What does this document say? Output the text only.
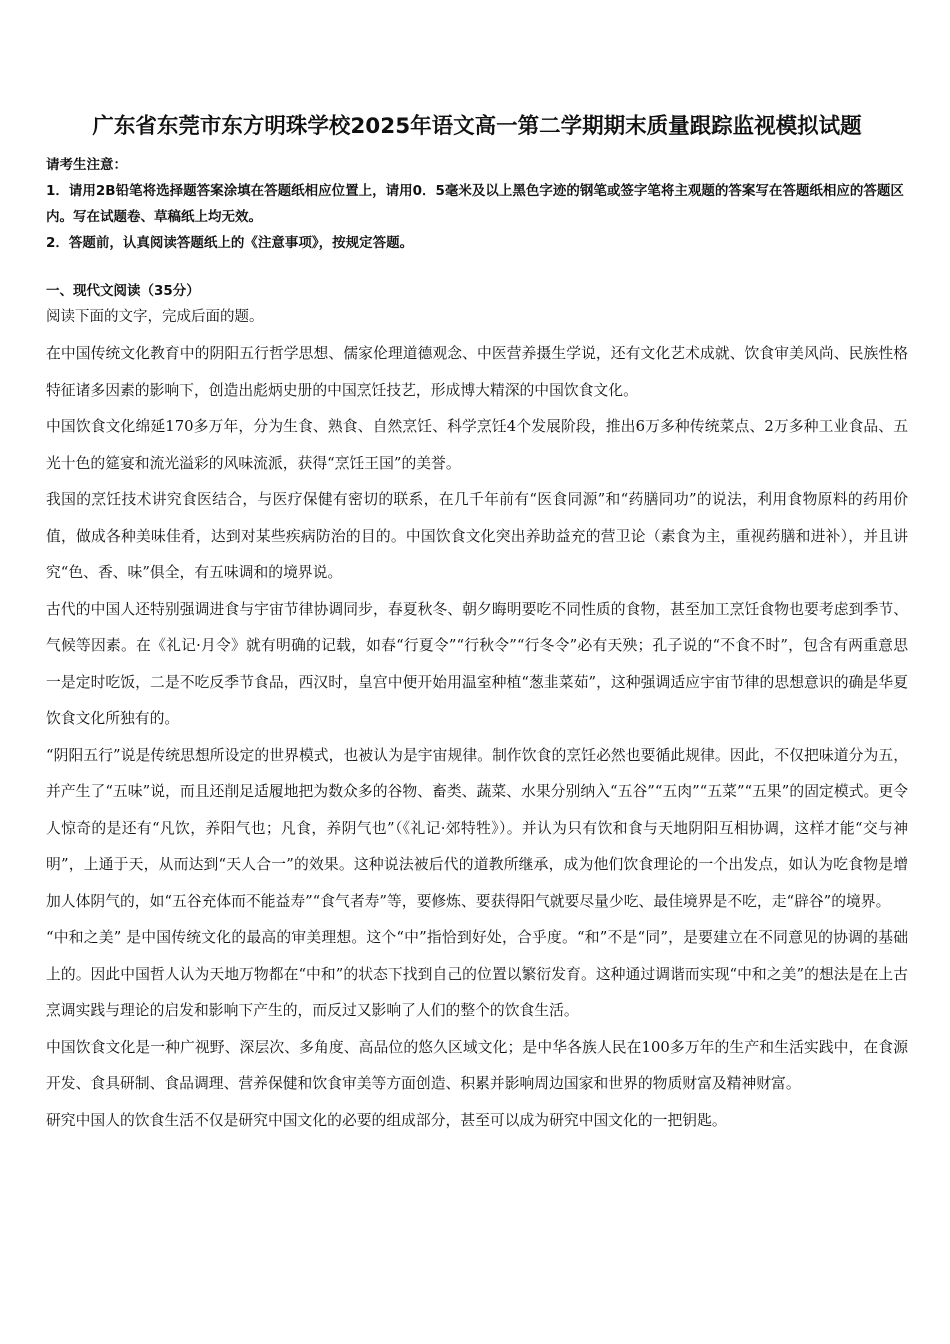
广东省东莞市东方明珠学校2025年语文高一第二学期期末质量跟踪监视模拟试题

请考生注意：

1．请用2B铅笔将选择题答案涂填在答题纸相应位置上，请用0．5毫米及以上黑色字迹的钢笔或签字笔将主观题的答案写在答题纸相应的答题区内。写在试题卷、草稿纸上均无效。

2．答题前，认真阅读答题纸上的《注意事项》，按规定答题。

一、现代文阅读（35分）

阅读下面的文字，完成后面的题。

在中国传统文化教育中的阴阳五行哲学思想、儒家伦理道德观念、中医营养摄生学说，还有文化艺术成就、饮食审美风尚、民族性格特征诸多因素的影响下，创造出彪炳史册的中国烹饪技艺，形成博大精深的中国饮食文化。

中国饮食文化绵延170多万年，分为生食、熟食、自然烹饪、科学烹饪4个发展阶段，推出6万多种传统菜点、2万多种工业食品、五光十色的筵宴和流光溢彩的风味流派，获得“烹饪王国”的美誉。

我国的烹饪技术讲究食医结合，与医疗保健有密切的联系，在几千年前有“医食同源”和“药膳同功”的说法，利用食物原料的药用价值，做成各种美味佳肴，达到对某些疾病防治的目的。中国饮食文化突出养助益充的营卫论（素食为主，重视药膳和进补），并且讲究“色、香、味”俱全，有五味调和的境界说。

古代的中国人还特别强调进食与宇宙节律协调同步，春夏秋冬、朝夕晦明要吃不同性质的食物，甚至加工烹饪食物也要考虑到季节、气候等因素。在《礼记·月令》就有明确的记载，如春“行夏令”“行秋令”“行冬令”必有天殃；孔子说的“不食不时”，包含有两重意思一是定时吃饭，二是不吃反季节食品，西汉时，皇宫中便开始用温室种植“葱韭菜茹”，这种强调适应宇宙节律的思想意识的确是华夏饮食文化所独有的。

“阴阳五行”说是传统思想所设定的世界模式，也被认为是宇宙规律。制作饮食的烹饪必然也要循此规律。因此，不仅把味道分为五，并产生了“五味”说，而且还削足适履地把为数众多的谷物、畜类、蔬菜、水果分别纳入“五谷”“五肉”“五菜”“五果”的固定模式。更令人惊奇的是还有“凡饮，养阳气也；凡食，养阴气也”（《礼记·郊特牲》）。并认为只有饮和食与天地阴阳互相协调，这样才能“交与神明”，上通于天，从而达到“天人合一”的效果。这种说法被后代的道教所继承，成为他们饮食理论的一个出发点，如认为吃食物是增加人体阴气的，如“五谷充体而不能益寿”“食气者寿”等，要修炼、要获得阳气就要尽量少吃、最佳境界是不吃，走“辟谷”的境界。

“中和之美” 是中国传统文化的最高的审美理想。这个“中”指恰到好处，合乎度。“和”不是“同”，是要建立在不同意见的协调的基础上的。因此中国哲人认为天地万物都在“中和”的状态下找到自己的位置以繁衍发育。这种通过调谐而实现“中和之美”的想法是在上古烹调实践与理论的启发和影响下产生的，而反过又影响了人们的整个的饮食生活。

中国饮食文化是一种广视野、深层次、多角度、高品位的悠久区域文化；是中华各族人民在100多万年的生产和生活实践中，在食源开发、食具研制、食品调理、营养保健和饮食审美等方面创造、积累并影响周边国家和世界的物质财富及精神财富。

研究中国人的饮食生活不仅是研究中国文化的必要的组成部分，甚至可以成为研究中国文化的一把钥匙。
